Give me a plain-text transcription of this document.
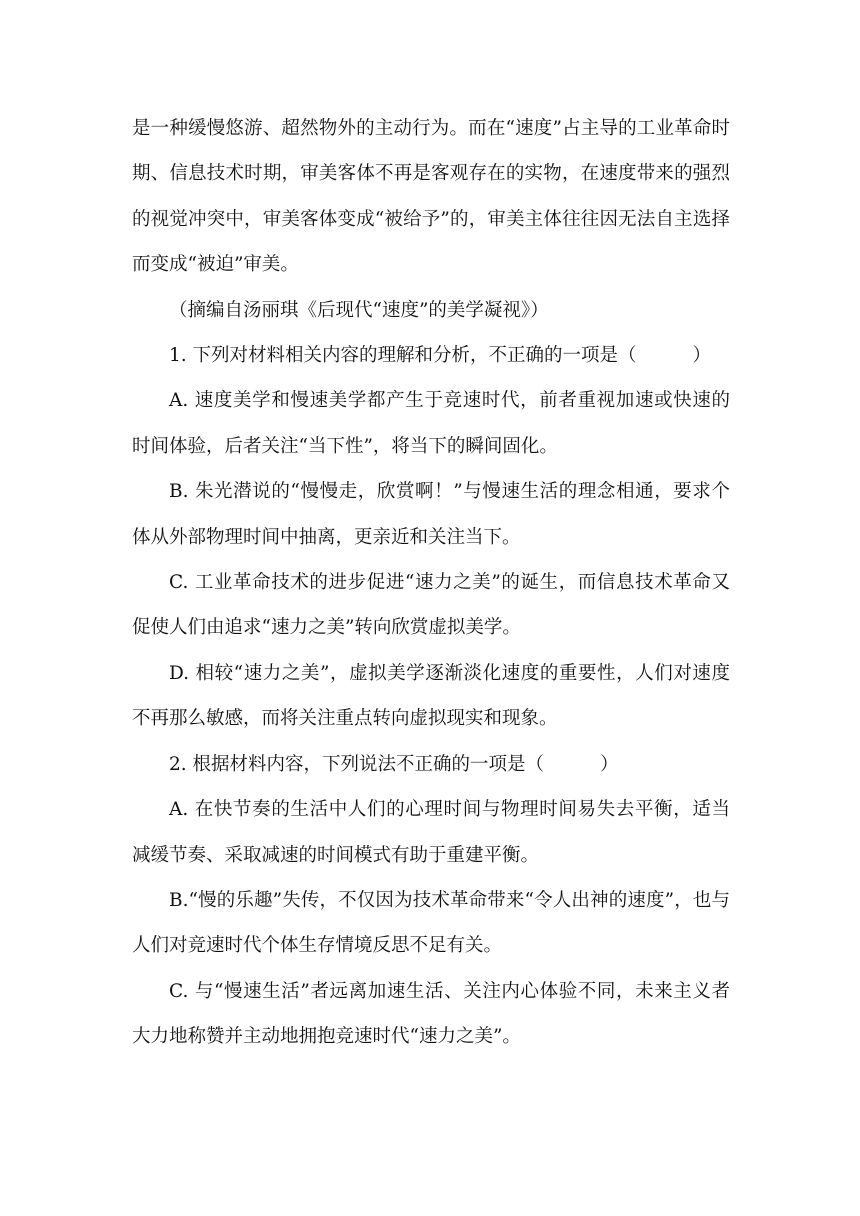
是一种缓慢悠游、超然物外的主动行为。而在“速度”占主导的工业革命时期、信息技术时期，审美客体不再是客观存在的实物，在速度带来的强烈的视觉冲突中，审美客体变成“被给予”的，审美主体往往因无法自主选择而变成“被迫”审美。

（摘编自汤丽琪《后现代“速度”的美学凝视》）

1. 下列对材料相关内容的理解和分析，不正确的一项是（	）

A. 速度美学和慢速美学都产生于竞速时代，前者重视加速或快速的时间体验，后者关注“当下性”，将当下的瞬间固化。

B. 朱光潜说的“慢慢走，欣赏啊！”与慢速生活的理念相通，要求个体从外部物理时间中抽离，更亲近和关注当下。

C. 工业革命技术的进步促进“速力之美”的诞生，而信息技术革命又促使人们由追求“速力之美”转向欣赏虚拟美学。

D. 相较“速力之美”，虚拟美学逐渐淡化速度的重要性，人们对速度不再那么敏感，而将关注重点转向虚拟现实和现象。

2. 根据材料内容，下列说法不正确的一项是（	）

A. 在快节奏的生活中人们的心理时间与物理时间易失去平衡，适当减缓节奏、采取减速的时间模式有助于重建平衡。

B.“慢的乐趣”失传，不仅因为技术革命带来“令人出神的速度”，也与人们对竞速时代个体生存情境反思不足有关。

C. 与“慢速生活”者远离加速生活、关注内心体验不同，未来主义者大力地称赞并主动地拥抱竞速时代“速力之美”。
